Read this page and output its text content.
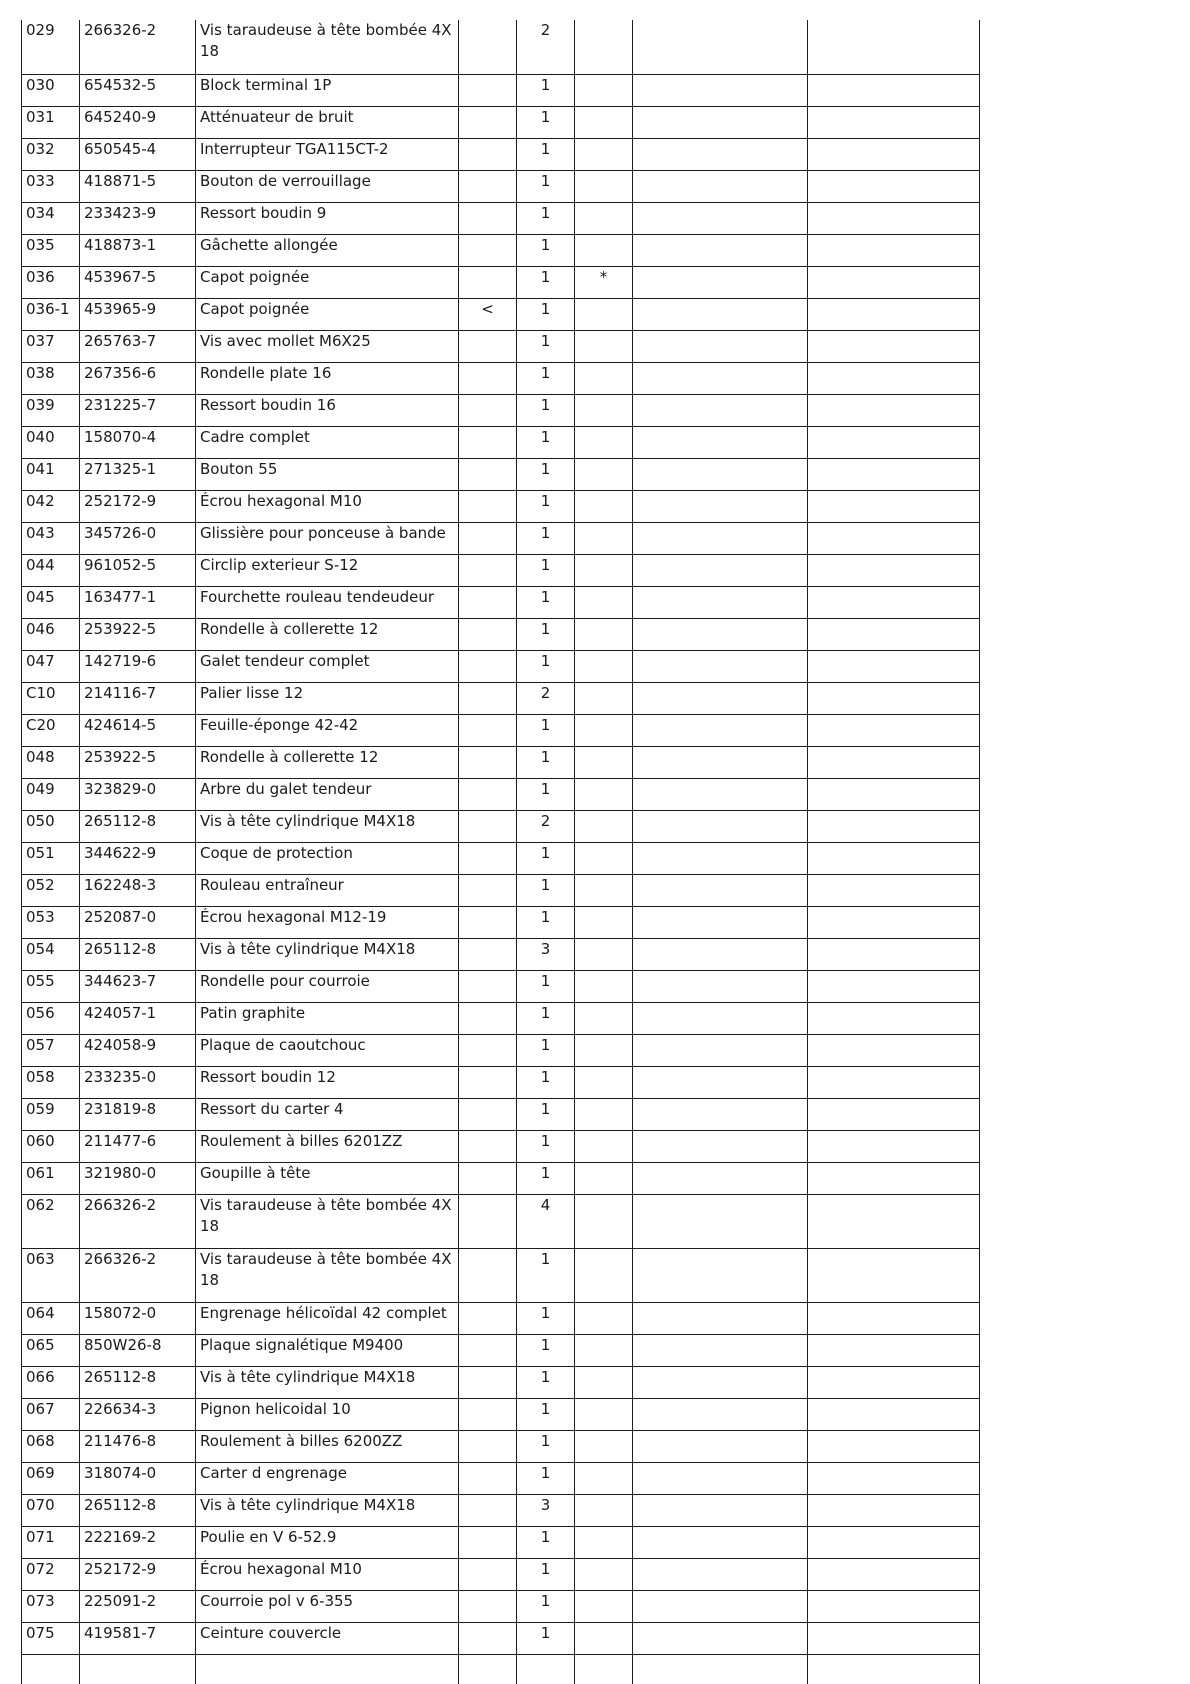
029	266326-2	Vis taraudeuse à tête bombée 4X 18		2			
030	654532-5	Block terminal 1P		1			
031	645240-9	Atténuateur de bruit		1			
032	650545-4	Interrupteur TGA115CT-2		1			
033	418871-5	Bouton de verrouillage		1			
034	233423-9	Ressort boudin 9		1			
035	418873-1	Gâchette allongée		1			
036	453967-5	Capot poignée		1	*		
036-1	453965-9	Capot poignée	<	1			
037	265763-7	Vis avec mollet M6X25		1			
038	267356-6	Rondelle plate 16		1			
039	231225-7	Ressort boudin 16		1			
040	158070-4	Cadre complet		1			
041	271325-1	Bouton 55		1			
042	252172-9	Écrou hexagonal M10		1			
043	345726-0	Glissière pour ponceuse à bande		1			
044	961052-5	Circlip exterieur S-12		1			
045	163477-1	Fourchette rouleau tendeudeur		1			
046	253922-5	Rondelle à collerette 12		1			
047	142719-6	Galet tendeur complet		1			
C10	214116-7	Palier lisse 12		2			
C20	424614-5	Feuille-éponge 42-42		1			
048	253922-5	Rondelle à collerette 12		1			
049	323829-0	Arbre du galet tendeur		1			
050	265112-8	Vis à tête cylindrique M4X18		2			
051	344622-9	Coque de protection		1			
052	162248-3	Rouleau entraîneur		1			
053	252087-0	Écrou hexagonal M12-19		1			
054	265112-8	Vis à tête cylindrique M4X18		3			
055	344623-7	Rondelle pour courroie		1			
056	424057-1	Patin graphite		1			
057	424058-9	Plaque de caoutchouc		1			
058	233235-0	Ressort boudin 12		1			
059	231819-8	Ressort du carter 4		1			
060	211477-6	Roulement à billes 6201ZZ		1			
061	321980-0	Goupille à tête		1			
062	266326-2	Vis taraudeuse à tête bombée 4X 18		4			
063	266326-2	Vis taraudeuse à tête bombée 4X 18		1			
064	158072-0	Engrenage hélicoïdal 42 complet		1			
065	850W26-8	Plaque signalétique M9400		1			
066	265112-8	Vis à tête cylindrique M4X18		1			
067	226634-3	Pignon helicoidal 10		1			
068	211476-8	Roulement à billes 6200ZZ		1			
069	318074-0	Carter d engrenage		1			
070	265112-8	Vis à tête cylindrique M4X18		3			
071	222169-2	Poulie en V 6-52.9		1			
072	252172-9	Écrou hexagonal M10		1			
073	225091-2	Courroie pol v 6-355		1			
075	419581-7	Ceinture couvercle		1			
